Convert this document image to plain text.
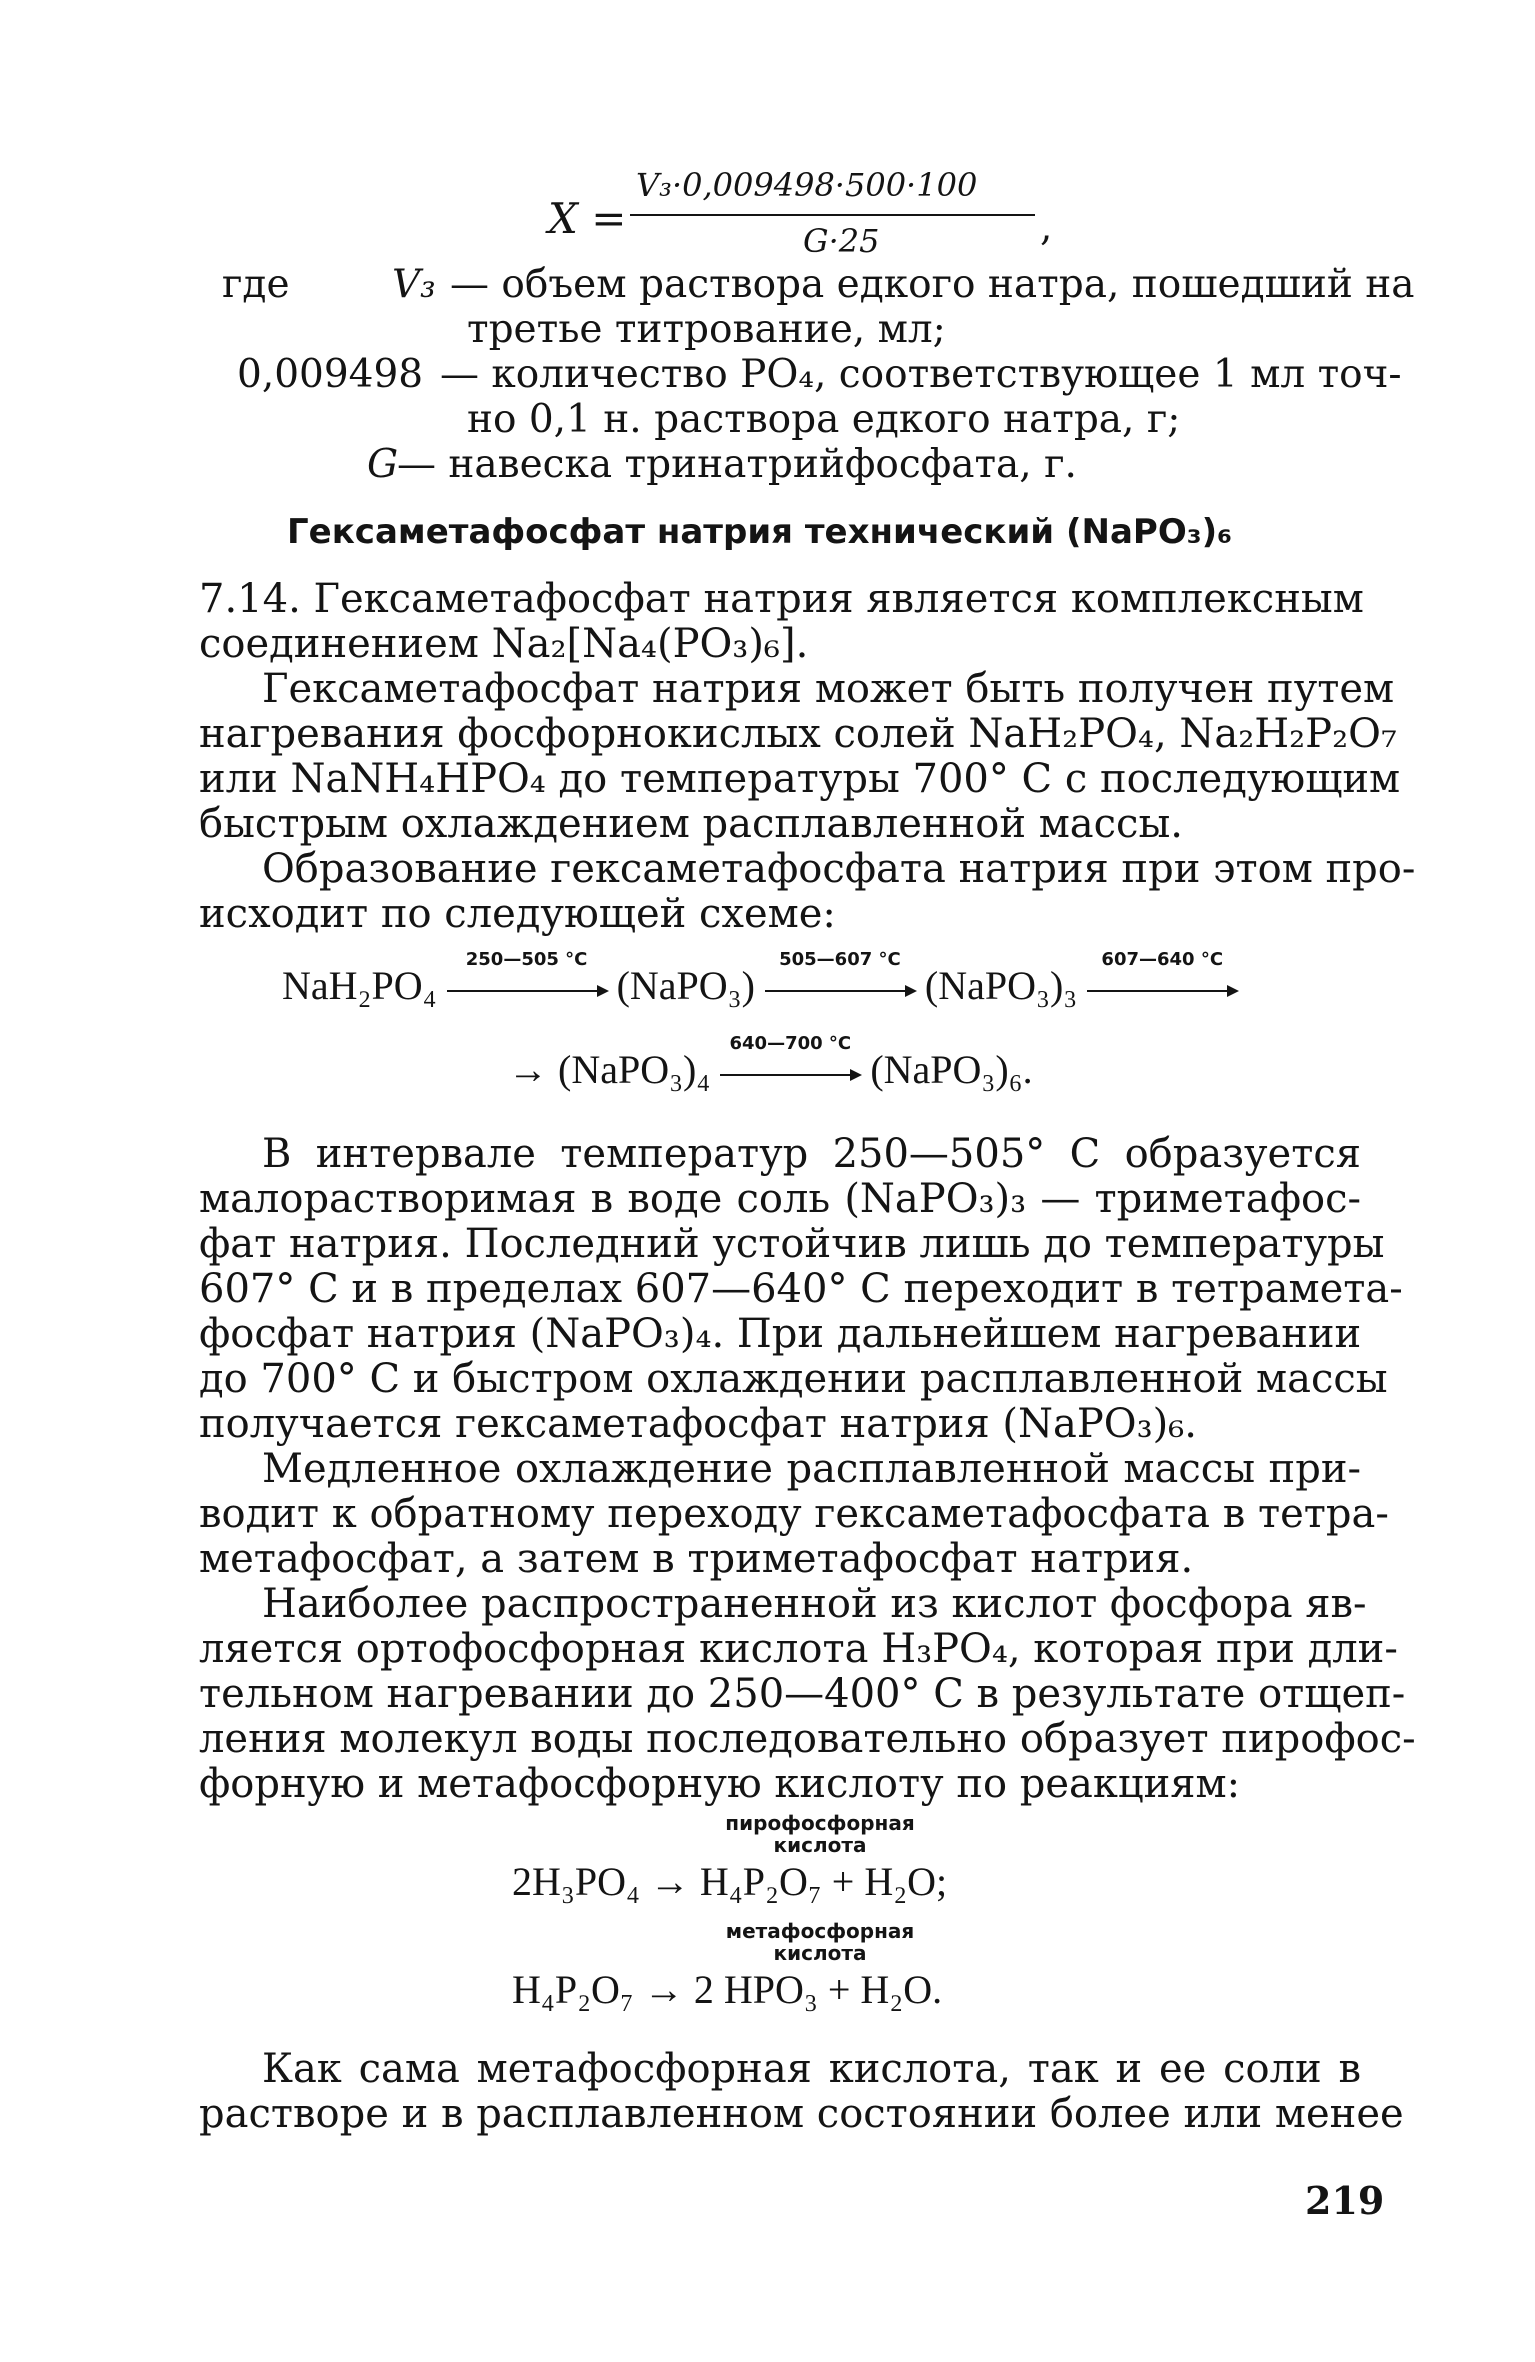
X =
V₃·0,009498·500·100
G·25	,
где	V₃ — объем раствора едкого натра, пошедший на
третье титрование, мл;
0,009498 — количество PO₄, соответствующее 1 мл точ-
но 0,1 н. раствора едкого натра, г;
G
— навеска тринатрийфосфата, г.
Гексаметафосфат натрия технический (NaPO₃)₆
7.14. Гексаметафосфат натрия является комплексным
соединением Na₂[Na₄(PO₃)₆].
Гексаметафосфат натрия может быть получен путем
нагревания фосфорнокислых солей NaH₂PO₄, Na₂H₂P₂O₇
или NaNH₄HPO₄ до температуры 700° C с последующим
быстрым охлаждением расплавленной массы.
Образование гексаметафосфата натрия при этом про-
исходит по следующей схеме:
NaH₂PO₄
250—505 °C
(NaPO₃)
505—607 °C
(NaPO₃)₃
607—640 °C
→ (NaPO₃)₄
640—700 °C
(NaPO₃)₆.
В интервале температур 250—505° C образуется
малорастворимая в воде соль (NaPO₃)₃ — триметафос-
фат натрия. Последний устойчив лишь до температуры
607° C и в пределах 607—640° C переходит в тетрамета-
фосфат натрия (NaPO₃)₄. При дальнейшем нагревании
до 700° C и быстром охлаждении расплавленной массы
получается гексаметафосфат натрия (NaPO₃)₆.
Медленное охлаждение расплавленной массы при-
водит к обратному переходу гексаметафосфата в тетра-
метафосфат, а затем в триметафосфат натрия.
Наиболее распространенной из кислот фосфора яв-
ляется ортофосфорная кислота H₃PO₄, которая при дли-
тельном нагревании до 250—400° C в результате отщеп-
ления молекул воды последовательно образует пирофос-
форную и метафосфорную кислоту по реакциям:
пирофосфорная
кислота
2H₃PO₄ → H₄P₂O₇ + H₂O;
метафосфорная
кислота
H₄P₂O₇ → 2 HPO₃ + H₂O.
Как сама метафосфорная кислота, так и ее соли в
растворе и в расплавленном состоянии более или менее
219
